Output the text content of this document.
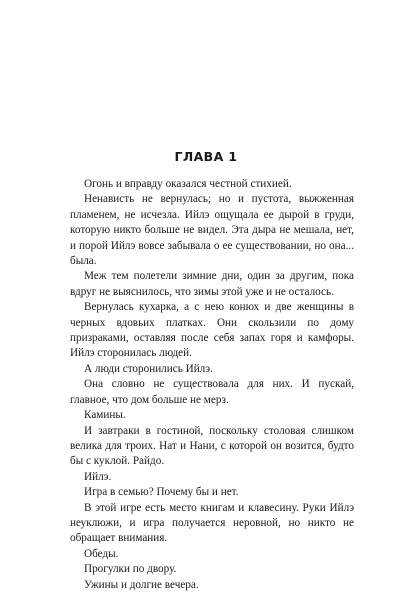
ГЛАВА 1

Огонь и вправду оказался честной стихией.

Ненависть не вернулась; но и пустота, выжженная пламенем, не исчезла. Ийлэ ощущала ее дырой в груди, которую никто больше не видел. Эта дыра не мешала, нет, и порой Ийлэ вовсе забывала о ее существовании, но она... была.

Меж тем полетели зимние дни, один за другим, пока вдруг не выяснилось, что зимы этой уже и не осталось.

Вернулась кухарка, а с нею конюх и две женщины в черных вдовьих платках. Они скользили по дому призраками, оставляя после себя запах горя и камфоры. Ийлэ сторонилась людей.

А люди сторонились Ийлэ.

Она словно не существовала для них. И пускай, главное, что дом больше не мерз.

Камины.

И завтраки в гостиной, поскольку столовая слишком велика для троих. Нат и Нани, с которой он возится, будто бы с куклой. Райдо.

Ийлэ.

Игра в семью? Почему бы и нет.

В этой игре есть место книгам и клавесину. Руки Ийлэ неуклюжи, и игра получается неровной, но никто не обращает внимания.

Обеды.

Прогулки по двору.

Ужины и долгие вечера.
